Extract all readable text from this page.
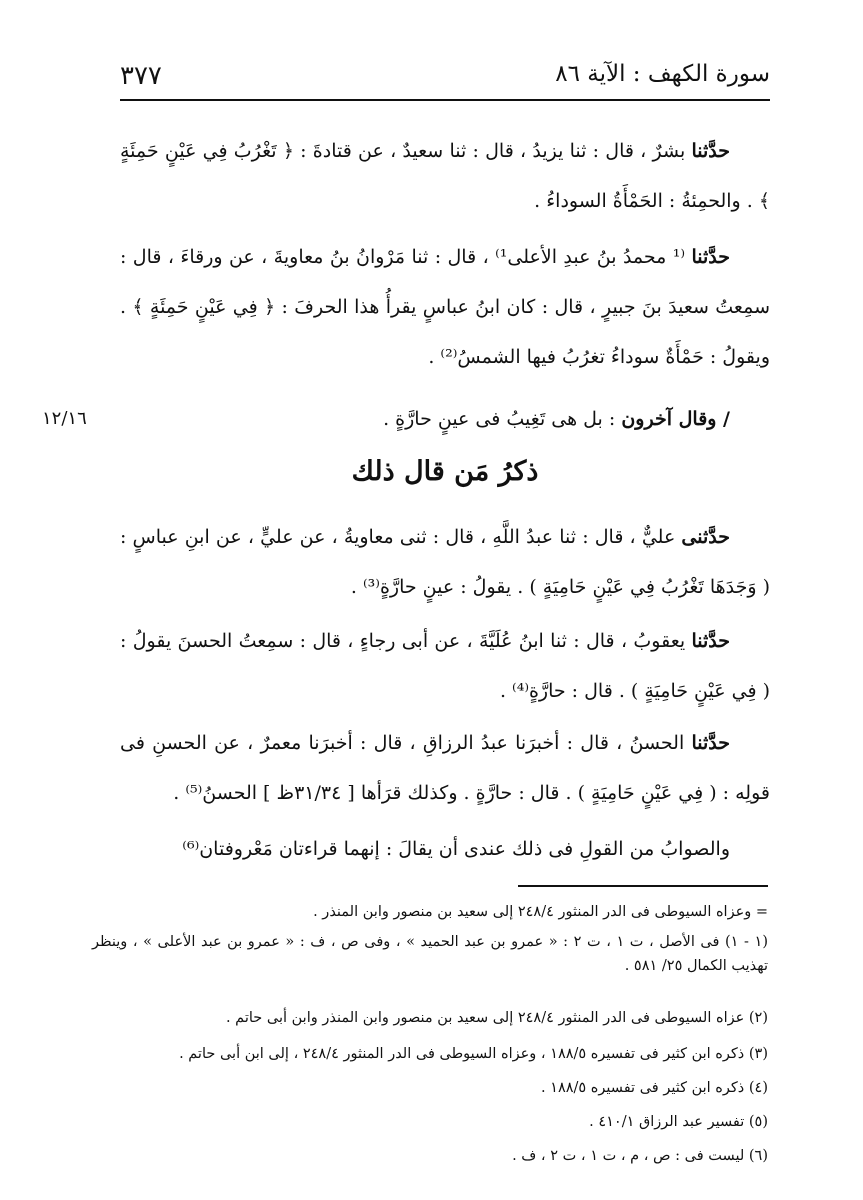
٣٧٧	سورة الكهف : الآية ٨٦
١٢/١٦
حدَّثنا بشرٌ ، قال : ثنا يزيدُ ، قال : ثنا سعيدٌ ، عن قتادةَ : ﴿ تَغْرُبُ فِي عَيْنٍ حَمِئَةٍ ﴾ . والحمِئةُ : الحَمْأَةُ السوداءُ .
حدَّثنا ⁽¹ محمدُ بنُ عبدِ الأعلى¹⁾ ، قال : ثنا مَرْوانُ بنُ معاويةَ ، عن ورقاءَ ، قال : سمِعتُ سعيدَ بنَ جبيرٍ ، قال : كان ابنُ عباسٍ يقرأُ هذا الحرفَ : ﴿ فِي عَيْنٍ حَمِئَةٍ ﴾ . ويقولُ : حَمْأَةٌ سوداءُ تغرُبُ فيها الشمسُ⁽²⁾ .
/ وقال آخرون : بل هى تَغِيبُ فى عينٍ حارَّةٍ .
حدَّثنى عليٌّ ، قال : ثنا عبدُ اللَّهِ ، قال : ثنى معاويةُ ، عن عليٍّ ، عن ابنِ عباسٍ : ( وَجَدَهَا تَغْرُبُ فِي عَيْنٍ حَامِيَةٍ ) . يقولُ : عينٍ حارَّةٍ⁽³⁾ .
حدَّثنا يعقوبُ ، قال : ثنا ابنُ عُلَيَّةَ ، عن أبى رجاءٍ ، قال : سمِعتُ الحسنَ يقولُ : ( فِي عَيْنٍ حَامِيَةٍ ) . قال : حارَّةٍ⁽⁴⁾ .
حدَّثنا الحسنُ ، قال : أخبرَنا عبدُ الرزاقِ ، قال : أخبرَنا معمرٌ ، عن الحسنِ فى قولِه : ( فِي عَيْنٍ حَامِيَةٍ ) . قال : حارَّةٍ . وكذلك قرَأها [ ٣١/٣٤ظ ] الحسنُ⁽⁵⁾ .
والصوابُ من القولِ فى ذلك عندى أن يقالَ : إنهما قراءتان مَعْروفتان⁽⁶⁾
ذكرُ مَن قال ذلك
= وعزاه السيوطى فى الدر المنثور ٢٤٨/٤ إلى سعيد بن منصور وابن المنذر .
(١ - ١) فى الأصل ، ت ١ ، ت ٢ : « عمرو بن عبد الحميد » ، وفى ص ، ف : « عمرو بن عبد الأعلى » ، وينظر تهذيب الكمال ٢٥/ ٥٨١ .
(٢) عزاه السيوطى فى الدر المنثور ٢٤٨/٤ إلى سعيد بن منصور وابن المنذر وابن أبى حاتم .
(٣) ذكره ابن كثير فى تفسيره ١٨٨/٥ ، وعزاه السيوطى فى الدر المنثور ٢٤٨/٤ ، إلى ابن أبى حاتم .
(٤) ذكره ابن كثير فى تفسيره ١٨٨/٥ .
(٥) تفسير عبد الرزاق ٤١٠/١ .
(٦) ليست فى : ص ، م ، ت ١ ، ت ٢ ، ف .
